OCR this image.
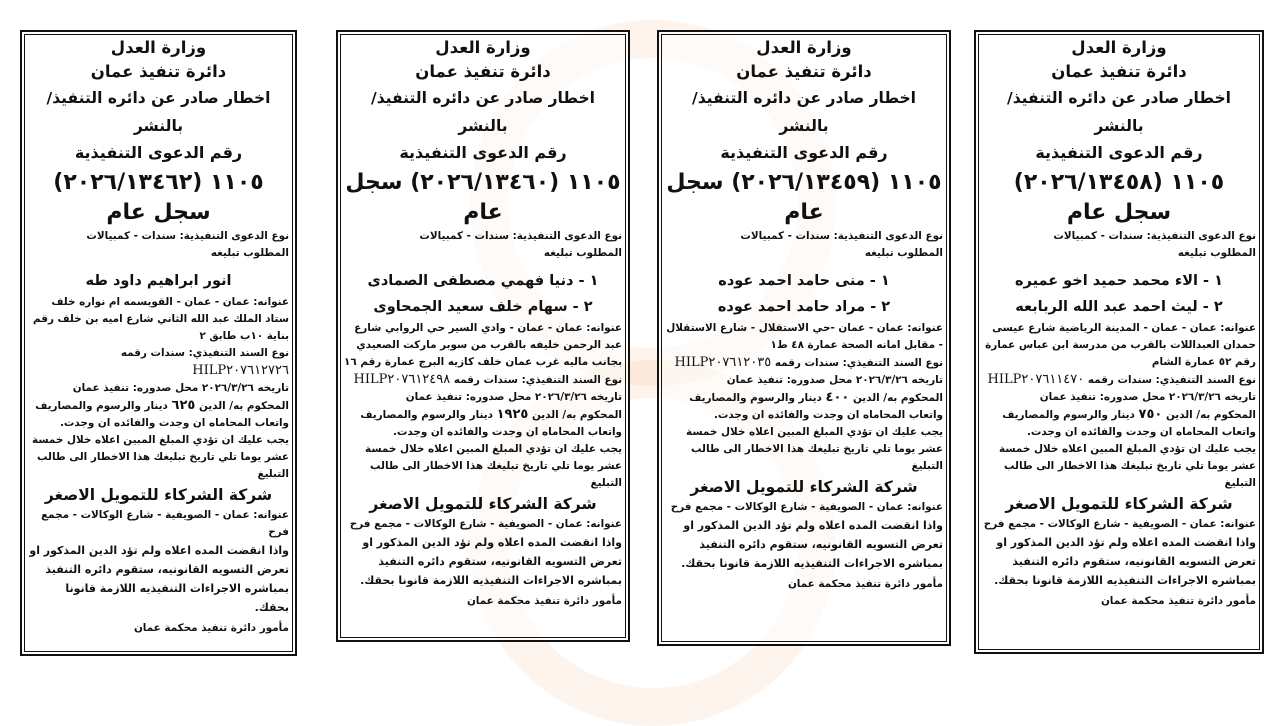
وزارة العدل
دائرة تنفيذ عمان
اخطار صادر عن دائره التنفيذ/ بالنشر
رقم الدعوى التنفيذية
١١٠٥ (٢٠٢٦/١٣٤٦٢) سجل عام
نوع الدعوى التنفيذية: سندات - كمبيالات
المطلوب تبليغه
انور ابراهيم داود طه
عنوانه: عمان - عمان - القويسمه ام نواره خلف ستاد الملك عبد الله الثاني شارع اميه بن خلف رقم بناية ١٠ب طابق ٢
نوع السند التنفيذي: سندات رقمه HILP٢٠٧٦١٢٧٢٦
تاريخه ٢٠٢٦/٣/٢٦ محل صدوره: تنفيذ عمان
المحكوم به/ الدين ٦٢٥ دينار والرسوم والمصاريف واتعاب المحاماه ان وجدت والفائده ان وجدت.
يجب عليك ان تؤدي المبلغ المبين اعلاه خلال خمسة عشر يوما تلي تاريخ تبليغك هذا الاخطار الى طالب التبليغ
شركة الشركاء للتمويل الاصغر
عنوانه: عمان - الصويفية - شارع الوكالات - مجمع فرح
واذا انقضت المده اعلاه ولم تؤد الدين المذكور او تعرض التسويه القانونيه، ستقوم دائره التنفيذ بمباشره الاجراءات التنفيذيه اللازمة قانونا بحقك.
مأمور دائرة تنفيذ محكمة عمان
وزارة العدل
دائرة تنفيذ عمان
اخطار صادر عن دائره التنفيذ/ بالنشر
رقم الدعوى التنفيذية
١١٠٥ (٢٠٢٦/١٣٤٦٠) سجل عام
نوع الدعوى التنفيذية: سندات - كمبيالات
المطلوب تبليغه
١ - دنيا فهمي مصطفى الصمادى
٢ - سهام خلف سعيد الجمحاوى
عنوانه: عمان - عمان - وادي السير حي الروابي شارع عبد الرحمن خليفه بالقرب من سوبر ماركت الصعيدي بجانب ماليه غرب عمان خلف كازيه البرج عمارة رقم ١٦
نوع السند التنفيذي: سندات رقمه HILP٢٠٧٦١٢٤٩٨
تاريخه ٢٠٢٦/٣/٢٦ محل صدوره: تنفيذ عمان
المحكوم به/ الدين ١٩٢٥ دينار والرسوم والمصاريف واتعاب المحاماه ان وجدت والفائده ان وجدت.
يجب عليك ان تؤدي المبلغ المبين اعلاه خلال خمسة عشر يوما تلي تاريخ تبليغك هذا الاخطار الى طالب التبليغ
شركة الشركاء للتمويل الاصغر
عنوانه: عمان - الصويفية - شارع الوكالات - مجمع فرح
واذا انقضت المده اعلاه ولم تؤد الدين المذكور او تعرض التسويه القانونيه، ستقوم دائره التنفيذ بمباشره الاجراءات التنفيذيه اللازمة قانونا بحقك.
مأمور دائرة تنفيذ محكمة عمان
وزارة العدل
دائرة تنفيذ عمان
اخطار صادر عن دائره التنفيذ/ بالنشر
رقم الدعوى التنفيذية
١١٠٥ (٢٠٢٦/١٣٤٥٩) سجل عام
نوع الدعوى التنفيذية: سندات - كمبيالات
المطلوب تبليغه
١ - منى حامد احمد عوده
٢ - مراد حامد احمد عوده
عنوانه: عمان - عمان -حي الاستقلال - شارع الاستقلال - مقابل امانه الصحة عمارة ٤٨ ط١
نوع السند التنفيذي: سندات رقمه HILP٢٠٧٦١٢٠٣٥
تاريخه ٢٠٢٦/٣/٢٦ محل صدوره: تنفيذ عمان
المحكوم به/ الدين ٤٠٠ دينار والرسوم والمصاريف واتعاب المحاماه ان وجدت والفائده ان وجدت.
يجب عليك ان تؤدي المبلغ المبين اعلاه خلال خمسة عشر يوما تلي تاريخ تبليغك هذا الاخطار الى طالب التبليغ
شركة الشركاء للتمويل الاصغر
عنوانه: عمان - الصويفية - شارع الوكالات - مجمع فرح
واذا انقضت المده اعلاه ولم تؤد الدين المذكور او تعرض التسويه القانونيه، ستقوم دائره التنفيذ بمباشره الاجراءات التنفيذيه اللازمة قانونا بحقك.
مأمور دائرة تنفيذ محكمة عمان
وزارة العدل
دائرة تنفيذ عمان
اخطار صادر عن دائره التنفيذ/ بالنشر
رقم الدعوى التنفيذية
١١٠٥ (٢٠٢٦/١٣٤٥٨) سجل عام
نوع الدعوى التنفيذية: سندات - كمبيالات
المطلوب تبليغه
١ - الاء محمد حميد اخو عميره
٢ - ليث احمد عبد الله الربابعه
عنوانه: عمان - عمان - المدينة الرياضية شارع عيسى حمدان العبداللات بالقرب من مدرسة ابن عباس عمارة رقم ٥٢ عمارة الشام
نوع السند التنفيذي: سندات رقمه HILP٢٠٧٦١١٤٧٠
تاريخه ٢٠٢٦/٣/٢٦ محل صدوره: تنفيذ عمان
المحكوم به/ الدين ٧٥٠ دينار والرسوم والمصاريف واتعاب المحاماه ان وجدت والفائده ان وجدت.
يجب عليك ان تؤدي المبلغ المبين اعلاه خلال خمسة عشر يوما تلي تاريخ تبليغك هذا الاخطار الى طالب التبليغ
شركة الشركاء للتمويل الاصغر
عنوانه: عمان - الصويفية - شارع الوكالات - مجمع فرح
واذا انقضت المده اعلاه ولم تؤد الدين المذكور او تعرض التسويه القانونيه، ستقوم دائره التنفيذ بمباشره الاجراءات التنفيذيه اللازمة قانونا بحقك.
مأمور دائرة تنفيذ محكمة عمان
